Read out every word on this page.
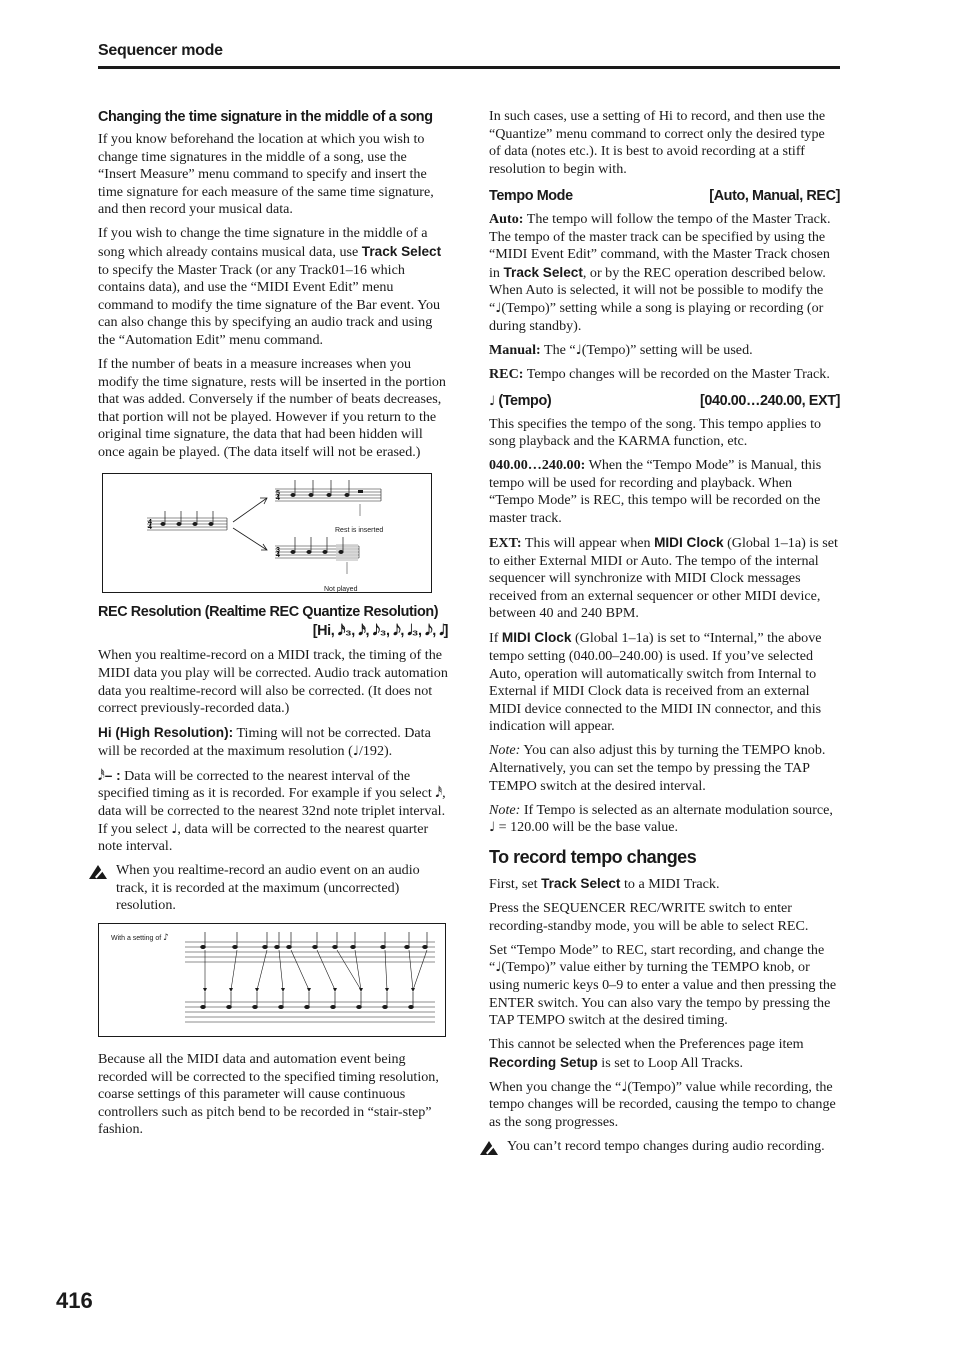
Sequencer mode
Changing the time signature in the middle of a song

If you know beforehand the location at which you wish to change time signatures in the middle of a song, use the “Insert Measure” menu command to specify and insert the time signature for each measure of the same time signature, and then record your musical data.

If you wish to change the time signature in the middle of a song which already contains musical data, use Track Select to specify the Master Track (or any Track01–16 which contains data), and use the “MIDI Event Edit” menu command to modify the time signature of the Bar event. You can also change this by specifying an audio track and using the “Automation Edit” menu command.

If the number of beats in a measure increases when you modify the time signature, rests will be inserted in the portion that was added. Conversely if the number of beats decreases, that portion will not be played. However if you return to the original time signature, the data that had been hidden will once again be played. (The data itself will not be erased.)

4
4
4
5
4
3
Rest is inserted
Not played
REC Resolution (Realtime REC Quantize Resolution)
[Hi, 𝅘𝅥𝅯₃, 𝅘𝅥𝅯, 𝅘𝅥𝅮₃, 𝅘𝅥𝅮, 𝅘𝅥₃, 𝅘𝅥𝅮, 𝅘𝅥]

When you realtime-record on a MIDI track, the timing of the MIDI data you play will be corrected. Audio track automation data you realtime-record will also be corrected. (It does not correct previously-recorded data.)

Hi (High Resolution): Timing will not be corrected. Data will be recorded at the maximum resolution (♩/192).

𝅘𝅥𝅰– : Data will be corrected to the nearest interval of the specified timing as it is recorded. For example if you select 𝅘𝅥𝅰, data will be corrected to the nearest 32nd note triplet interval. If you select ♩, data will be corrected to the nearest quarter note interval.

When you realtime-record an audio event on an audio track, it is recorded at the maximum (uncorrected) resolution.
With a setting of ♪

Because all the MIDI data and automation event being recorded will be corrected to the specified timing resolution, coarse settings of this parameter will cause continuous controllers such as pitch bend to be recorded in “stair-step” fashion.

In such cases, use a setting of Hi to record, and then use the “Quantize” menu command to correct only the desired type of data (notes etc.). It is best to avoid recording at a stiff resolution to begin with.

Tempo Mode	[Auto, Manual, REC]

Auto: The tempo will follow the tempo of the Master Track. The tempo of the master track can be specified by using the “MIDI Event Edit” command, with the Master Track chosen in Track Select, or by the REC operation described below. When Auto is selected, it will not be possible to modify the “♩(Tempo)” setting while a song is playing or recording (or during standby).

Manual: The “♩(Tempo)” setting will be used.

REC: Tempo changes will be recorded on the Master Track.

♩ (Tempo)	[040.00…240.00, EXT]

This specifies the tempo of the song. This tempo applies to song playback and the KARMA function, etc.

040.00…240.00: When the “Tempo Mode” is Manual, this tempo will be used for recording and playback. When “Tempo Mode” is REC, this tempo will be recorded on the master track.

EXT: This will appear when MIDI Clock (Global 1–1a) is set to either External MIDI or Auto. The tempo of the internal sequencer will synchronize with MIDI Clock messages received from an external sequencer or other MIDI device, between 40 and 240 BPM.

If MIDI Clock (Global 1–1a) is set to “Internal,” the above tempo setting (040.00–240.00) is used. If you’ve selected Auto, operation will automatically switch from Internal to External if MIDI Clock data is received from an external MIDI device connected to the MIDI IN connector, and this indication will appear.

Note: You can also adjust this by turning the TEMPO knob. Alternatively, you can set the tempo by pressing the TAP TEMPO switch at the desired interval.

Note: If Tempo is selected as an alternate modulation source, ♩ = 120.00 will be the base value.

To record tempo changes

First, set Track Select to a MIDI Track.

Press the SEQUENCER REC/WRITE switch to enter recording-standby mode, you will be able to select REC.

Set “Tempo Mode” to REC, start recording, and change the “♩(Tempo)” value either by turning the TEMPO knob, or using numeric keys 0–9 to enter a value and then pressing the ENTER switch. You can also vary the tempo by pressing the TAP TEMPO switch at the desired timing.

This cannot be selected when the Preferences page item Recording Setup is set to Loop All Tracks.

When you change the “♩(Tempo)” value while recording, the tempo changes will be recorded, causing the tempo to change as the song progresses.

You can’t record tempo changes during audio recording.
416
